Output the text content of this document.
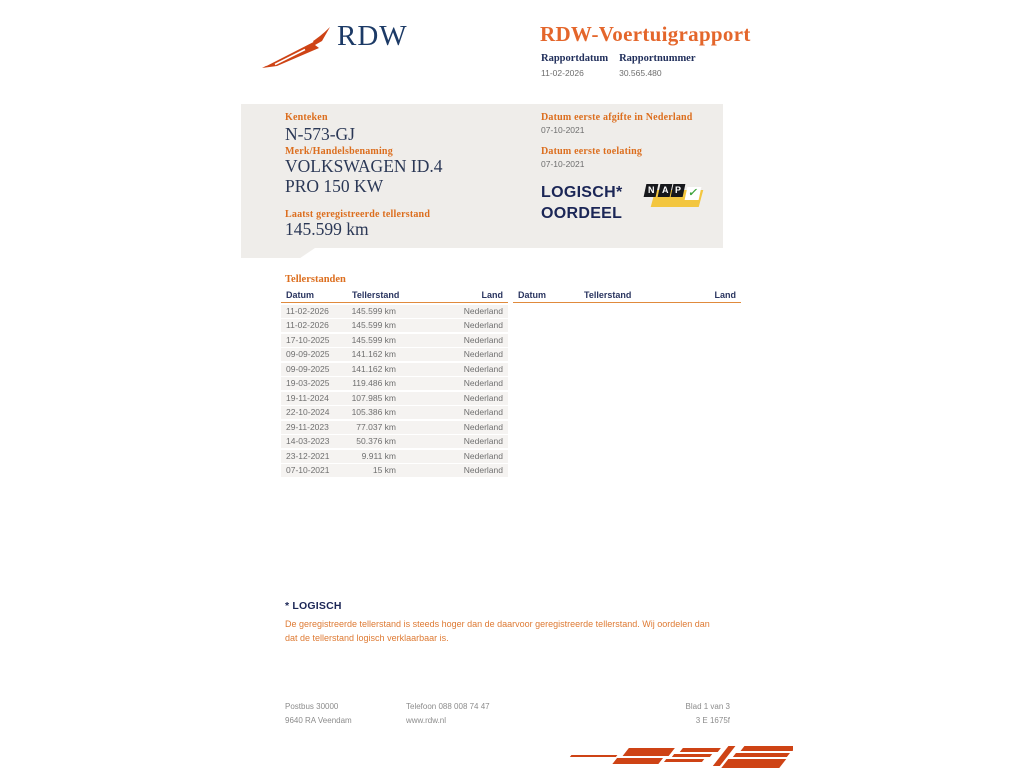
RDW	RDW-Voertuigrapport
Rapportdatum
11-02-2026
Rapportnummer
30.565.480
Kenteken
N-573-GJ
Merk/Handelsbenaming
VOLKSWAGEN ID.4
PRO 150 KW
Laatst geregistreerde tellerstand
145.599 km
Datum eerste afgifte in Nederland
07-10-2021
Datum eerste toelating
07-10-2021
LOGISCH*
OORDEEL
N A P ✓
Tellerstanden
Datum	Tellerstand	Land
11-02-2026	145.599 km	Nederland
11-02-2026	145.599 km	Nederland
17-10-2025	145.599 km	Nederland
09-09-2025	141.162 km	Nederland
09-09-2025	141.162 km	Nederland
19-03-2025	119.486 km	Nederland
19-11-2024	107.985 km	Nederland
22-10-2024	105.386 km	Nederland
29-11-2023	77.037 km	Nederland
14-03-2023	50.376 km	Nederland
23-12-2021	9.911 km	Nederland
07-10-2021	15 km	Nederland
Datum	Tellerstand	Land
* LOGISCH
De geregistreerde tellerstand is steeds hoger dan de daarvoor geregistreerde tellerstand. Wij oordelen dan dat de tellerstand logisch verklaarbaar is.
Postbus 30000
9640 RA Veendam
Telefoon 088 008 74 47
www.rdw.nl
Blad 1 van 3
3 E 1675f
